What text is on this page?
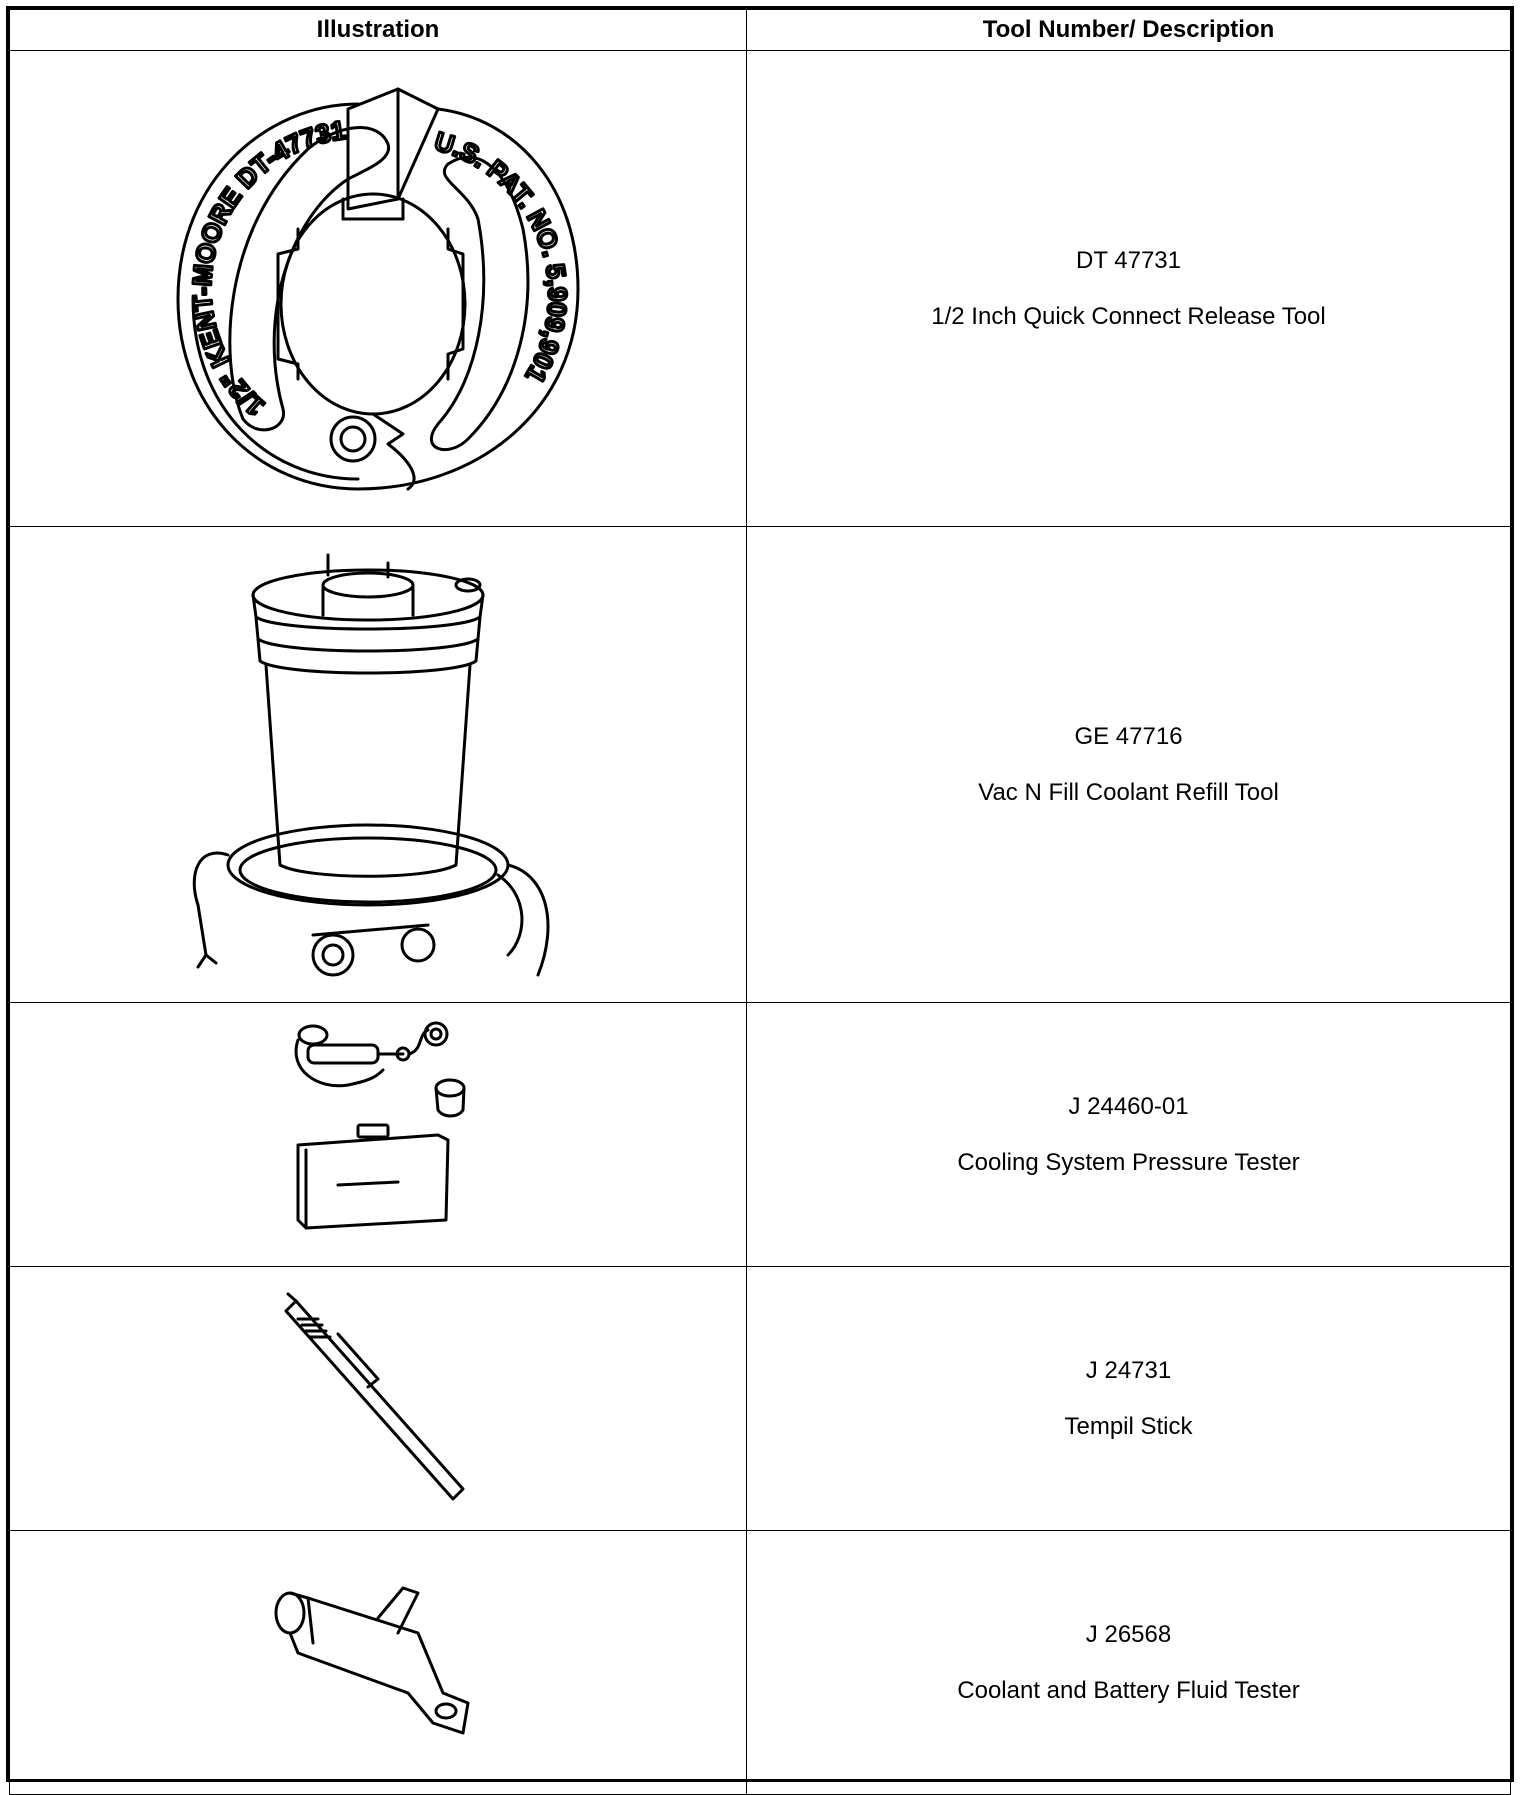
Illustration	Tool Number/ Description

1/2" KENT-MOORE DT-47731 U.S. PAT. NO. 5,909,901	DT 47731
1/2 Inch Quick Connect Release Tool

GE 47716
Vac N Fill Coolant Refill Tool

J 24460-01
Cooling System Pressure Tester

J 24731
Tempil Stick

J 26568
Coolant and Battery Fluid Tester
